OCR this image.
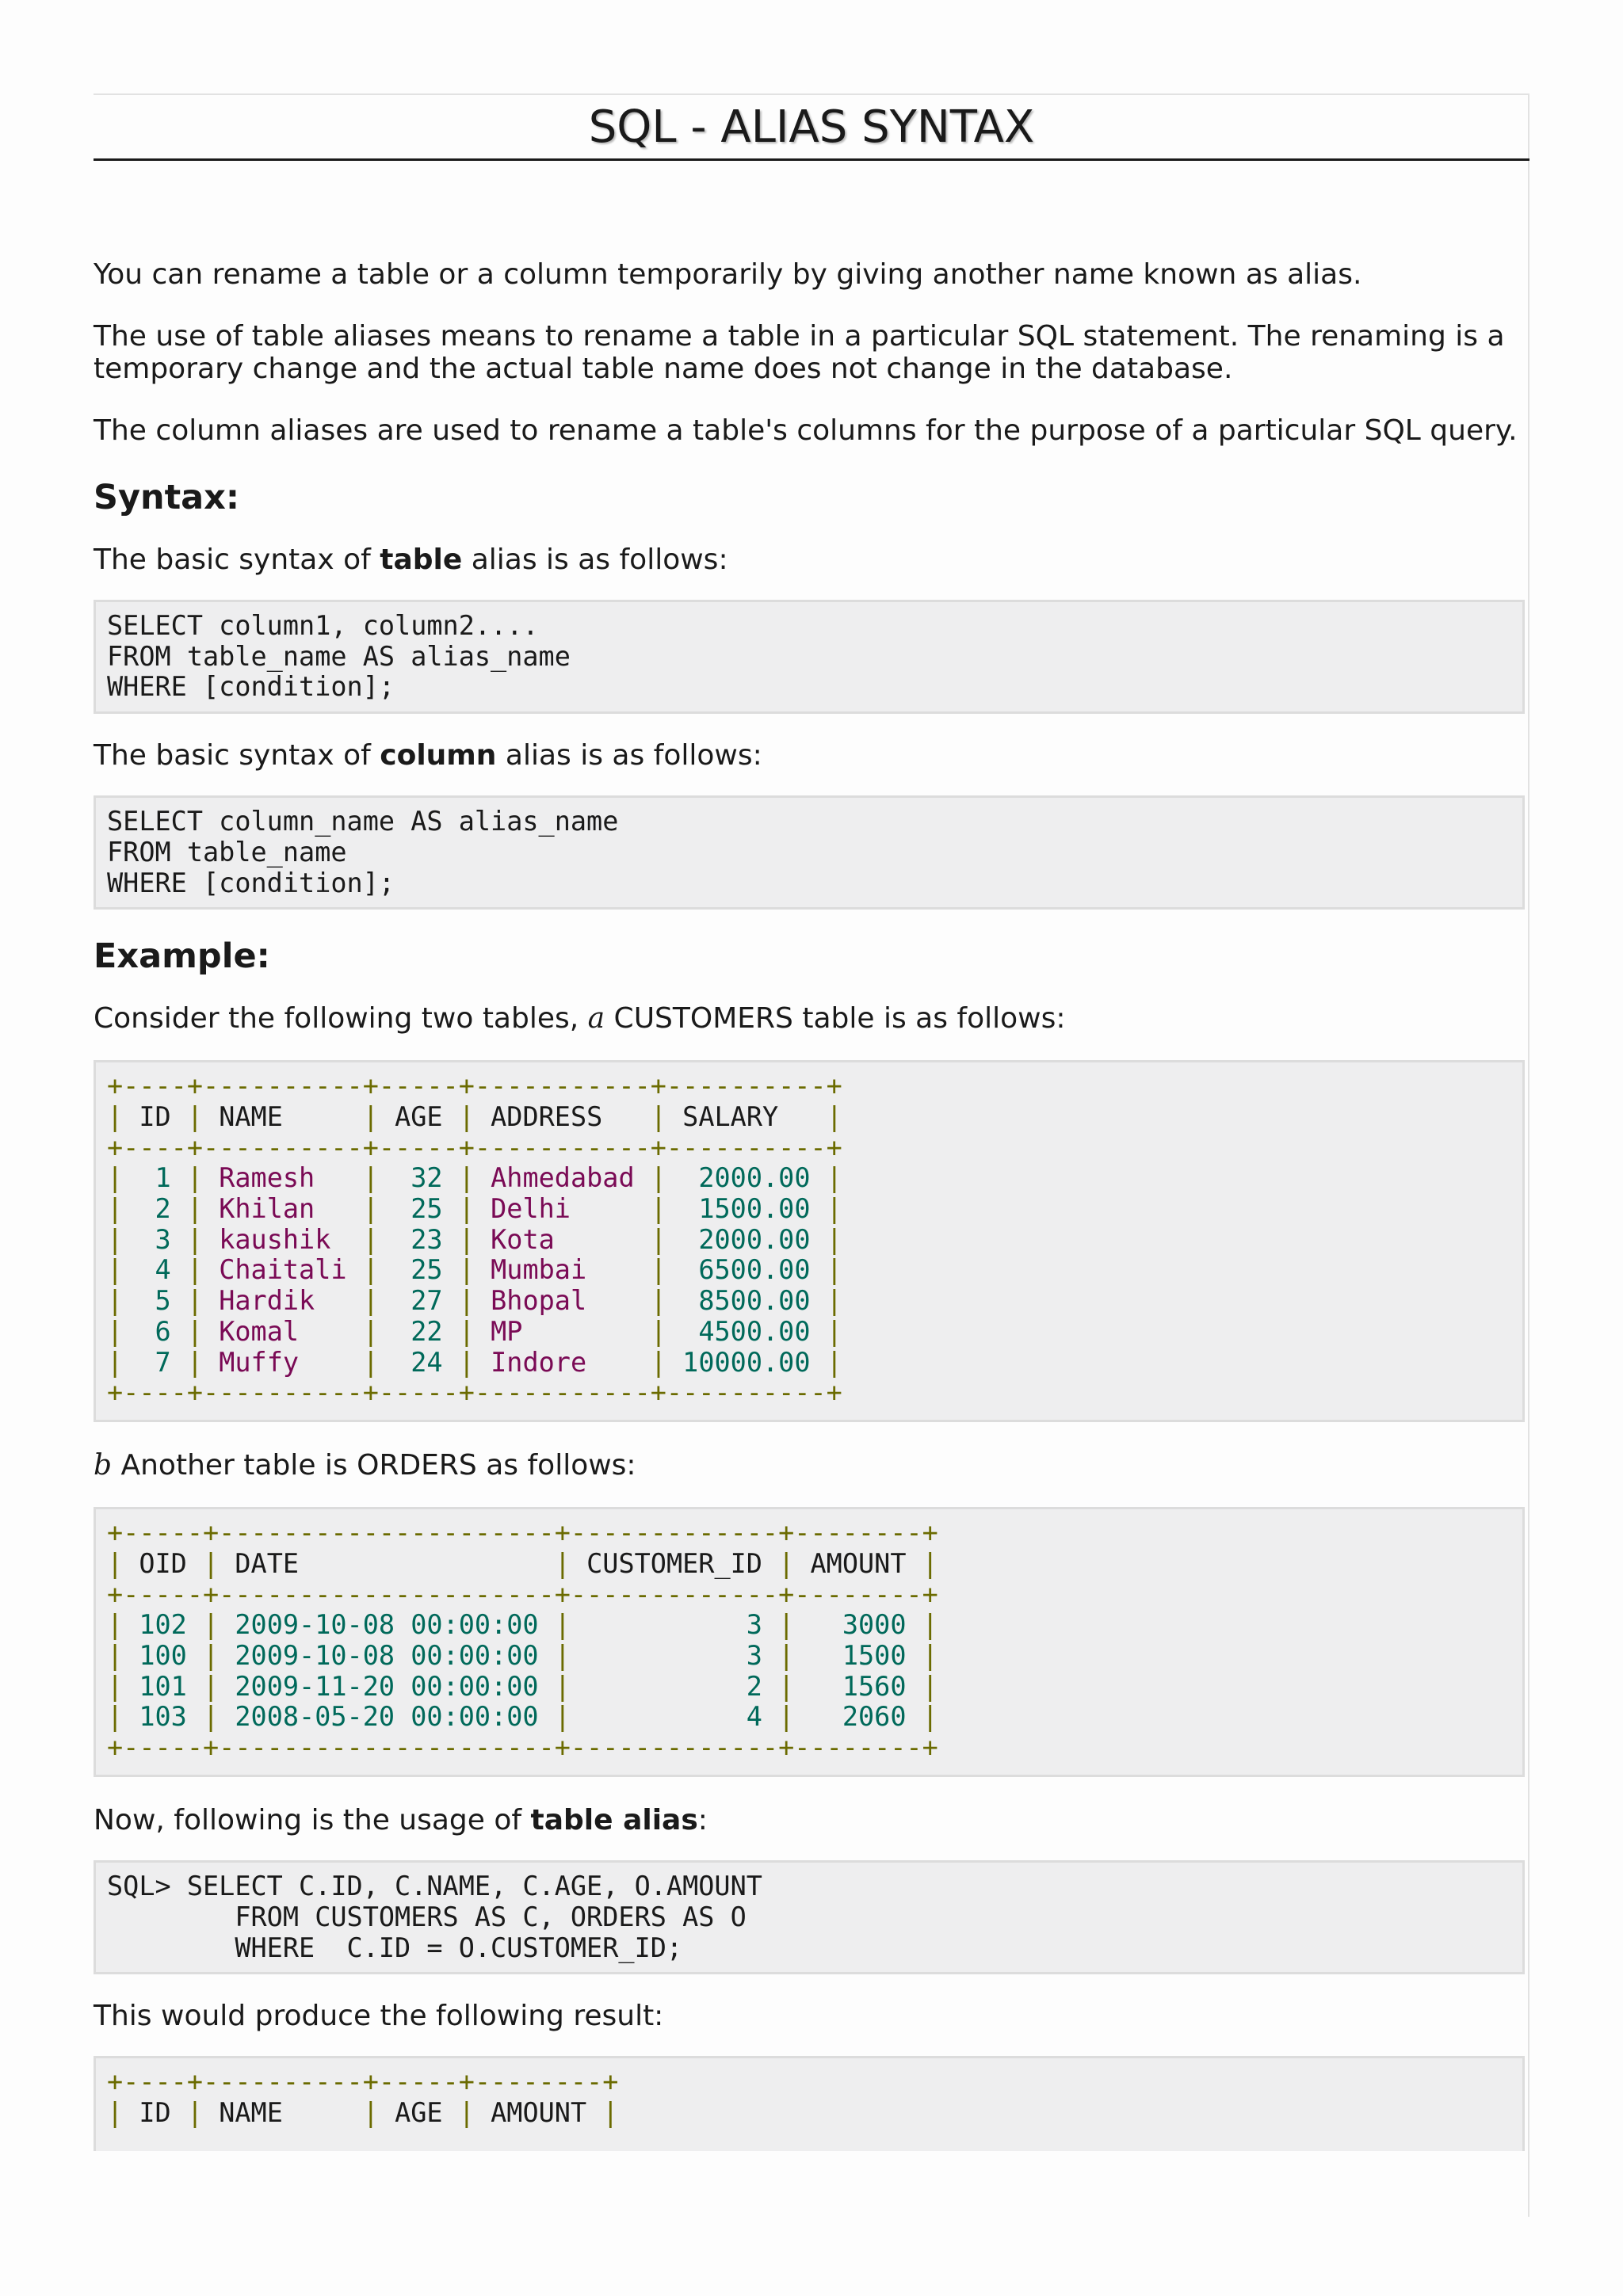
SQL - ALIAS SYNTAX

You can rename a table or a column temporarily by giving another name known as alias.

The use of table aliases means to rename a table in a particular SQL statement. The renaming is a temporary change and the actual table name does not change in the database.

The column aliases are used to rename a table's columns for the purpose of a particular SQL query.

Syntax:

The basic syntax of table alias is as follows:

SELECT column1, column2....
FROM table_name AS alias_name
WHERE [condition];

The basic syntax of column alias is as follows:

SELECT column_name AS alias_name
FROM table_name
WHERE [condition];
Example:

Consider the following two tables, a CUSTOMERS table is as follows:

+----+----------+-----+-----------+----------+
| ID | NAME     | AGE | ADDRESS   | SALARY   |
+----+----------+-----+-----------+----------+
|  1 | Ramesh   |  32 | Ahmedabad |  2000.00 |
|  2 | Khilan   |  25 | Delhi     |  1500.00 |
|  3 | kaushik  |  23 | Kota      |  2000.00 |
|  4 | Chaitali |  25 | Mumbai    |  6500.00 |
|  5 | Hardik   |  27 | Bhopal    |  8500.00 |
|  6 | Komal    |  22 | MP        |  4500.00 |
|  7 | Muffy    |  24 | Indore    | 10000.00 |
+----+----------+-----+-----------+----------+

b Another table is ORDERS as follows:

+-----+---------------------+-------------+--------+
| OID | DATE                | CUSTOMER_ID | AMOUNT |
+-----+---------------------+-------------+--------+
| 102 | 2009-10-08 00:00:00 |           3 |   3000 |
| 100 | 2009-10-08 00:00:00 |           3 |   1500 |
| 101 | 2009-11-20 00:00:00 |           2 |   1560 |
| 103 | 2008-05-20 00:00:00 |           4 |   2060 |
+-----+---------------------+-------------+--------+

Now, following is the usage of table alias:

SQL> SELECT C.ID, C.NAME, C.AGE, O.AMOUNT
FROM CUSTOMERS AS C, ORDERS AS O
WHERE  C.ID = O.CUSTOMER_ID;

This would produce the following result:

+----+----------+-----+--------+
| ID | NAME     | AGE | AMOUNT |
